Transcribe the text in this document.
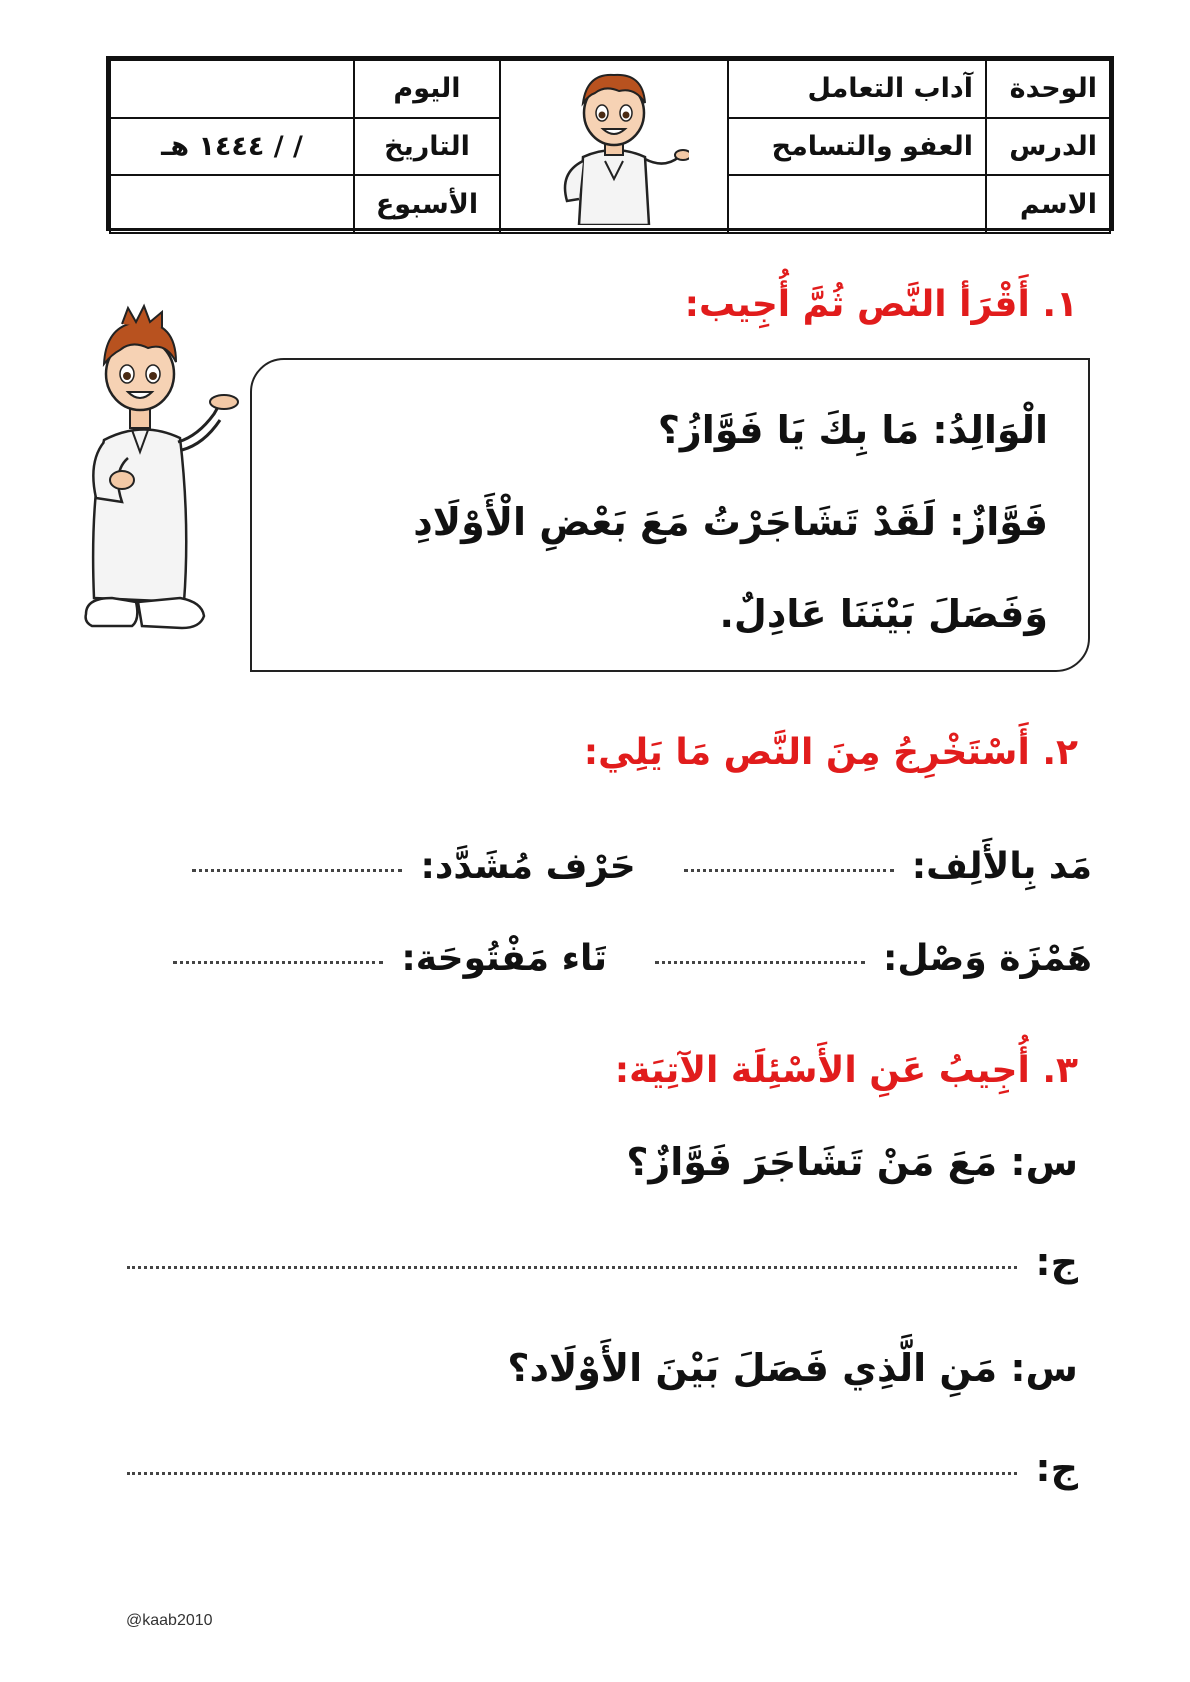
الوحدة	آداب التعامل		اليوم	
الدرس	العفو والتسامح		التاريخ	/ / ١٤٤٤ هـ
الاسم			الأسبوع	
١. أَقْرَأ النَّص ثُمَّ أُجِيب:
الْوَالِدُ: مَا بِكَ يَا فَوَّازُ؟
فَوَّازٌ: لَقَدْ تَشَاجَرْتُ مَعَ بَعْضِ الْأَوْلَادِ
وَفَصَلَ بَيْنَنَا عَادِلٌ.
٢. أَسْتَخْرِجُ مِنَ النَّص مَا يَلِي:
مَد بِالأَلِف:
حَرْف مُشَدَّد:
هَمْزَة وَصْل:
تَاء مَفْتُوحَة:
٣. أُجِيبُ عَنِ الأَسْئِلَة الآتِيَة:
س: مَعَ مَنْ تَشَاجَرَ فَوَّازٌ؟
ج:
س: مَنِ الَّذِي فَصَلَ بَيْنَ الأَوْلَاد؟
ج:
@kaab2010
